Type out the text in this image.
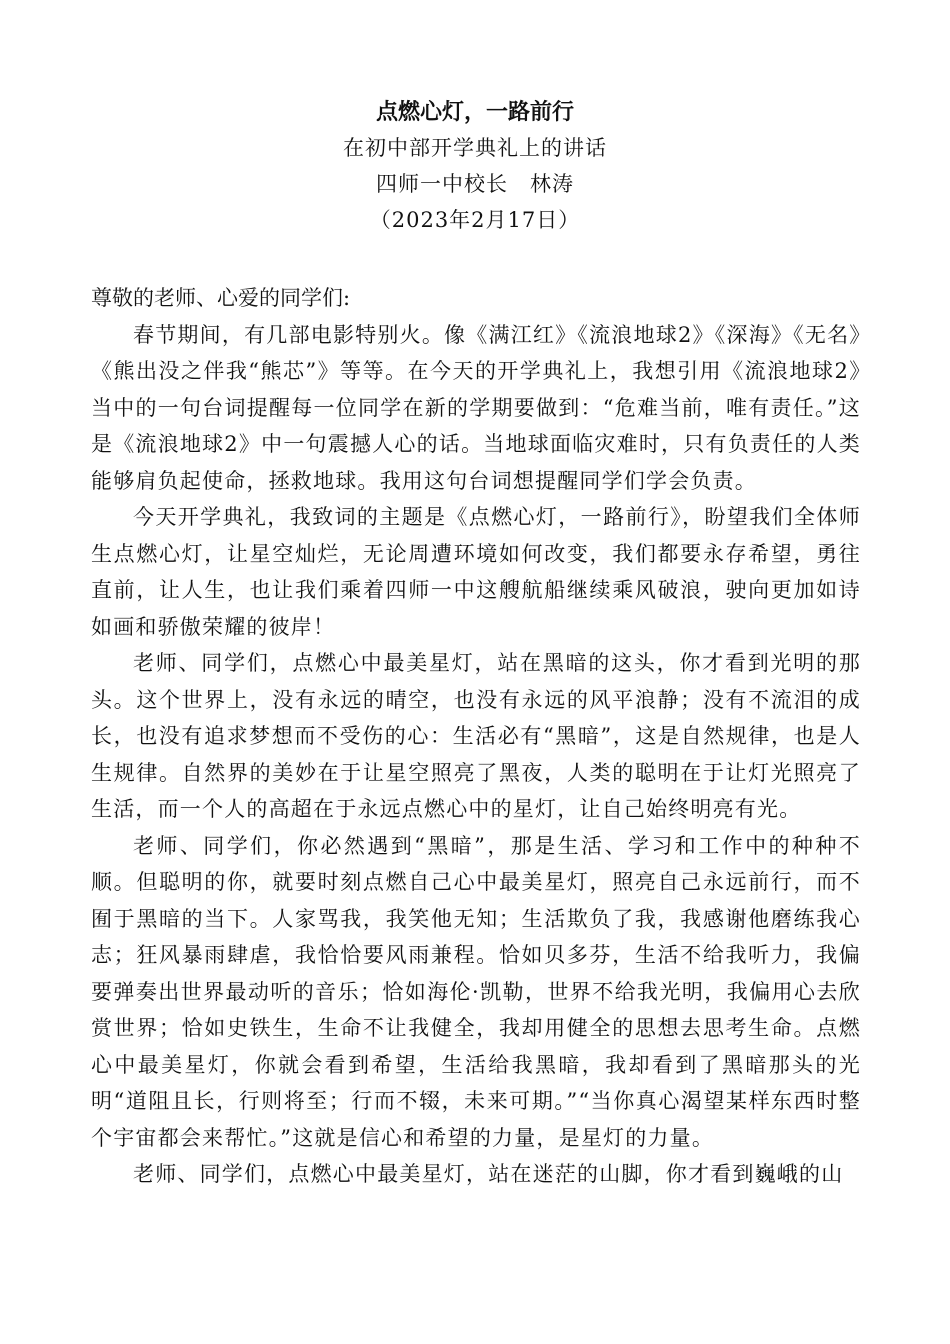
点燃心灯，一路前行

在初中部开学典礼上的讲话

四师一中校长　林涛

（2023年2月17日）

尊敬的老师、心爱的同学们:

春节期间，有几部电影特别火。像《满江红》《流浪地球2》《深海》《无名》《熊出没之伴我“熊芯”》等等。在今天的开学典礼上，我想引用《流浪地球2》当中的一句台词提醒每一位同学在新的学期要做到：“危难当前，唯有责任。”这是《流浪地球2》中一句震撼人心的话。当地球面临灾难时，只有负责任的人类能够肩负起使命，拯救地球。我用这句台词想提醒同学们学会负责。

今天开学典礼，我致词的主题是《点燃心灯，一路前行》，盼望我们全体师生点燃心灯，让星空灿烂，无论周遭环境如何改变，我们都要永存希望，勇往直前，让人生，也让我们乘着四师一中这艘航船继续乘风破浪，驶向更加如诗如画和骄傲荣耀的彼岸！

老师、同学们，点燃心中最美星灯，站在黑暗的这头，你才看到光明的那头。这个世界上，没有永远的晴空，也没有永远的风平浪静；没有不流泪的成长，也没有追求梦想而不受伤的心：生活必有“黑暗”，这是自然规律，也是人生规律。自然界的美妙在于让星空照亮了黑夜，人类的聪明在于让灯光照亮了生活，而一个人的高超在于永远点燃心中的星灯，让自己始终明亮有光。

老师、同学们，你必然遇到“黑暗”，那是生活、学习和工作中的种种不顺。但聪明的你，就要时刻点燃自己心中最美星灯，照亮自己永远前行，而不囿于黑暗的当下。人家骂我，我笑他无知；生活欺负了我，我感谢他磨练我心志；狂风暴雨肆虐，我恰恰要风雨兼程。恰如贝多芬，生活不给我听力，我偏要弹奏出世界最动听的音乐；恰如海伦·凯勒，世界不给我光明，我偏用心去欣赏世界；恰如史铁生，生命不让我健全，我却用健全的思想去思考生命。点燃心中最美星灯，你就会看到希望，生活给我黑暗，我却看到了黑暗那头的光明“道阻且长，行则将至；行而不辍，未来可期。”“当你真心渴望某样东西时整个宇宙都会来帮忙。”这就是信心和希望的力量，是星灯的力量。

老师、同学们，点燃心中最美星灯，站在迷茫的山脚，你才看到巍峨的山
